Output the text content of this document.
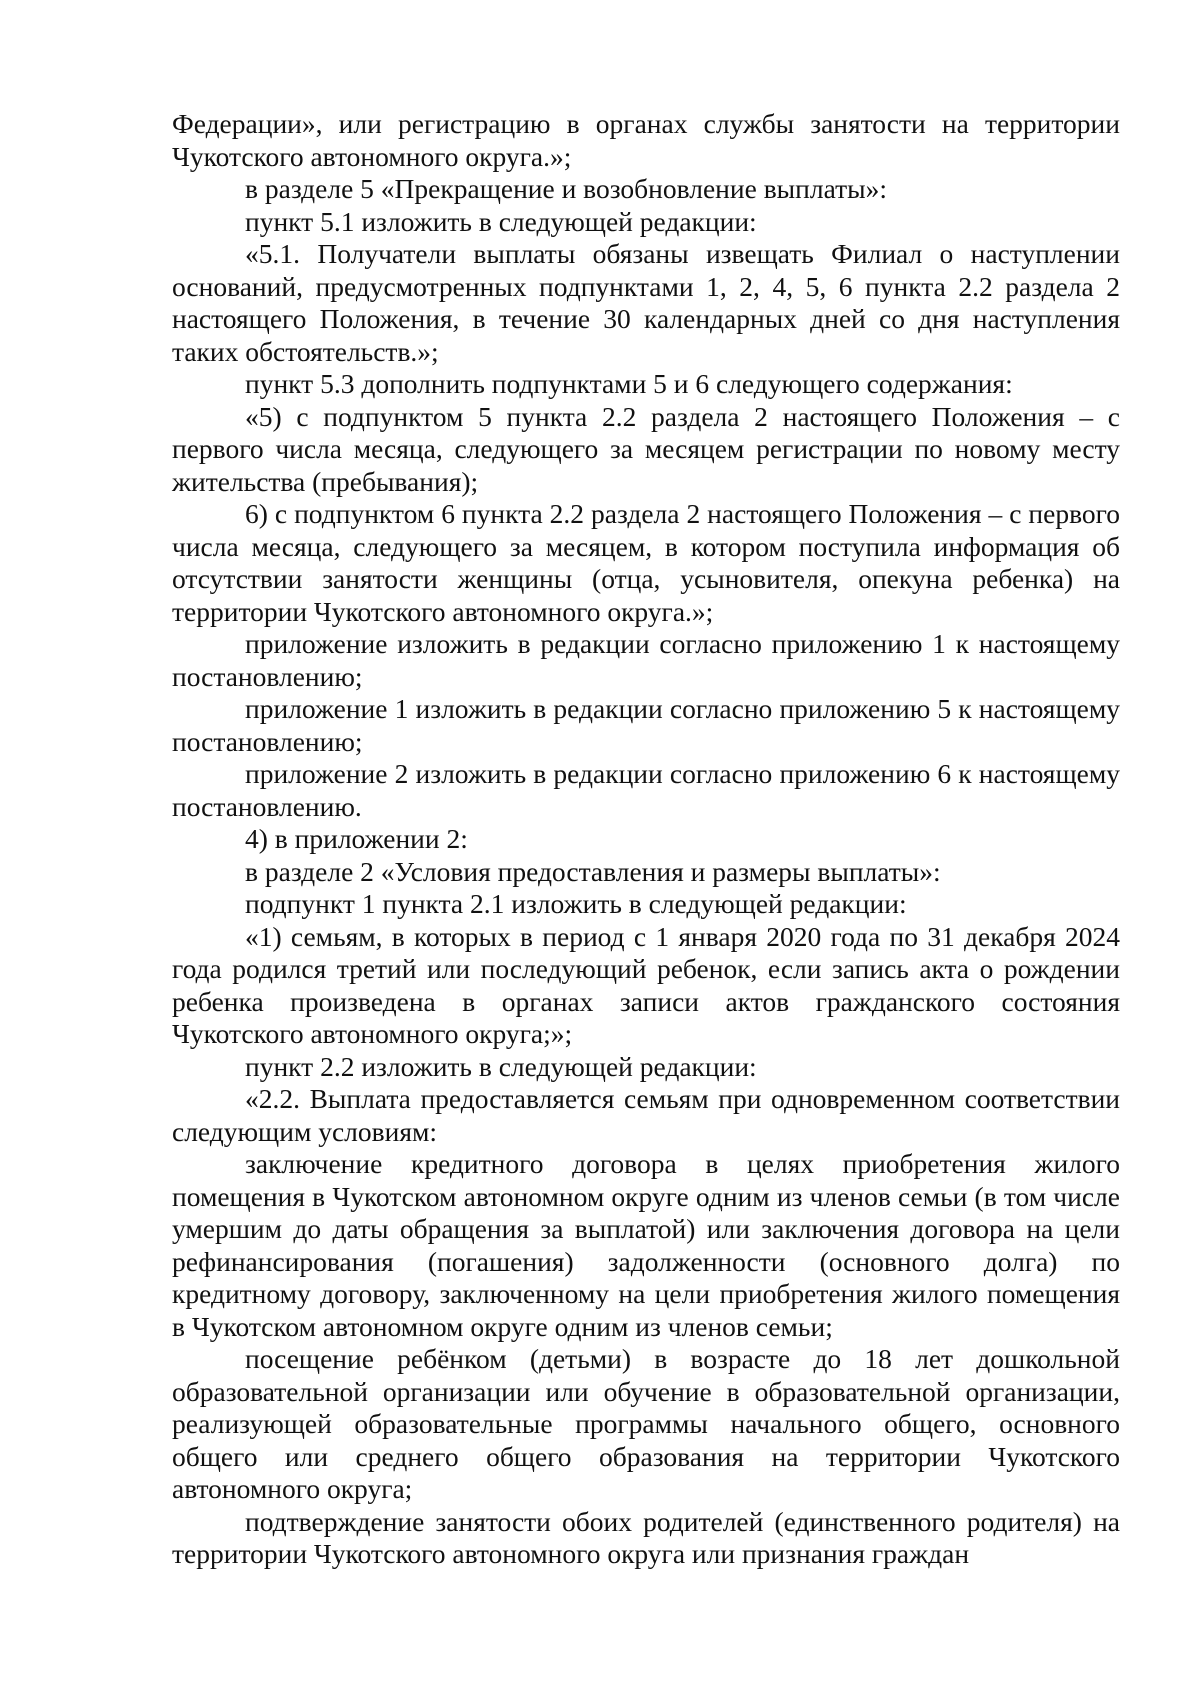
Федерации», или регистрацию в органах службы занятости на территории Чукотского автономного округа.»;

в разделе 5 «Прекращение и возобновление выплаты»:

пункт 5.1 изложить в следующей редакции:

«5.1. Получатели выплаты обязаны извещать Филиал о наступлении оснований, предусмотренных подпунктами 1, 2, 4, 5, 6 пункта 2.2 раздела 2 настоящего Положения, в течение 30 календарных дней со дня наступления таких обстоятельств.»;

пункт 5.3 дополнить подпунктами 5 и 6 следующего содержания:

«5) с подпунктом 5 пункта 2.2 раздела 2 настоящего Положения – с первого числа месяца, следующего за месяцем регистрации по новому месту жительства (пребывания);

6) с подпунктом 6 пункта 2.2 раздела 2 настоящего Положения – с первого числа месяца, следующего за месяцем, в котором поступила информация об отсутствии занятости женщины (отца, усыновителя, опекуна ребенка) на территории Чукотского автономного округа.»;

приложение изложить в редакции согласно приложению 1 к настоящему постановлению;

приложение 1 изложить в редакции согласно приложению 5 к настоящему постановлению;

приложение 2 изложить в редакции согласно приложению 6 к настоящему постановлению.

4) в приложении 2:

в разделе 2 «Условия предоставления и размеры выплаты»:

подпункт 1 пункта 2.1 изложить в следующей редакции:

«1) семьям, в которых в период с 1 января 2020 года по 31 декабря 2024 года родился третий или последующий ребенок, если запись акта о рождении ребенка произведена в органах записи актов гражданского состояния Чукотского автономного округа;»;

пункт 2.2 изложить в следующей редакции:

«2.2. Выплата предоставляется семьям при одновременном соответствии следующим условиям:

заключение кредитного договора в целях приобретения жилого помещения в Чукотском автономном округе одним из членов семьи (в том числе умершим до даты обращения за выплатой) или заключения договора на цели рефинансирования (погашения) задолженности (основного долга) по кредитному договору, заключенному на цели приобретения жилого помещения в Чукотском автономном округе одним из членов семьи;

посещение ребёнком (детьми) в возрасте до 18 лет дошкольной образовательной организации или обучение в образовательной организации, реализующей образовательные программы начального общего, основного общего или среднего общего образования на территории Чукотского автономного округа;

подтверждение занятости обоих родителей (единственного родителя) на территории Чукотского автономного округа или признания граждан
